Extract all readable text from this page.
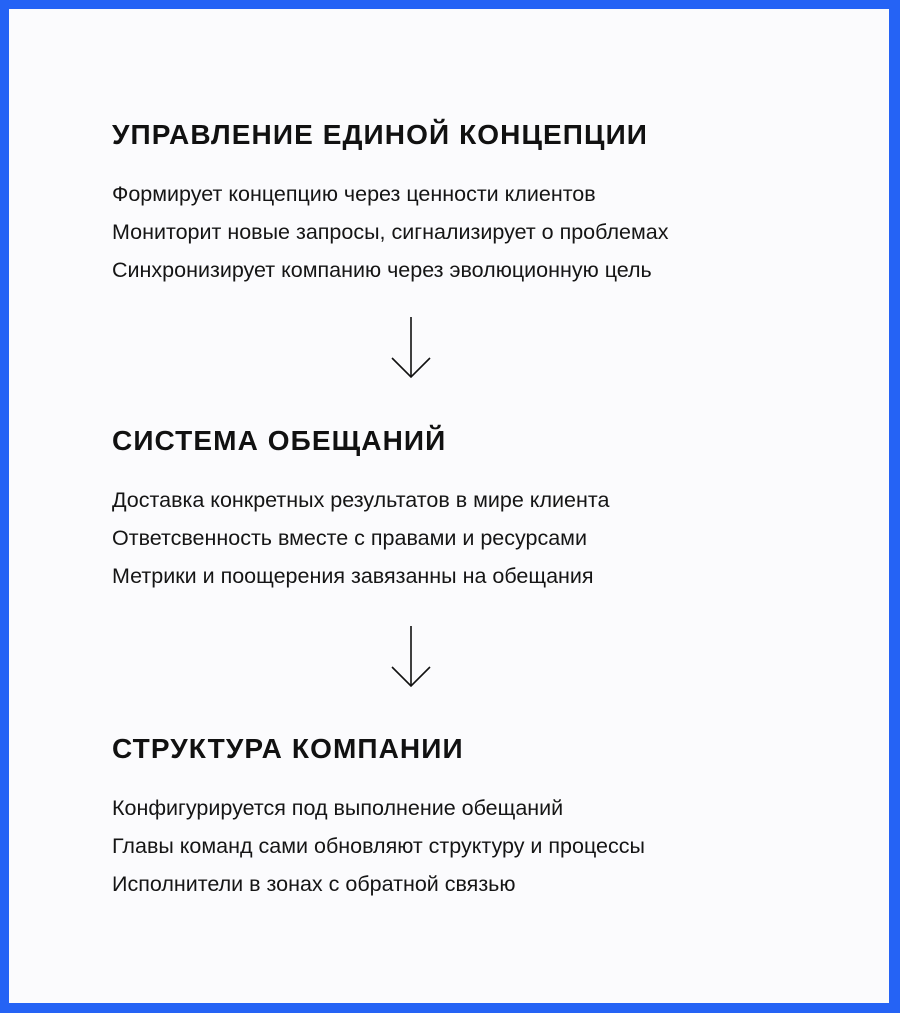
УПРАВЛЕНИЕ ЕДИНОЙ КОНЦЕПЦИИ
Формирует концепцию через ценности клиентов
Мониторит новые запросы, сигнализирует о проблемах
Синхронизирует компанию через эволюционную цель
СИСТЕМА ОБЕЩАНИЙ
Доставка конкретных результатов в мире клиента
Ответсвенность вместе с правами и ресурсами
Метрики и поощерения завязанны на обещания
СТРУКТУРА КОМПАНИИ
Конфигурируется под выполнение обещаний
Главы команд сами обновляют структуру и процессы
Исполнители в зонах с обратной связью
